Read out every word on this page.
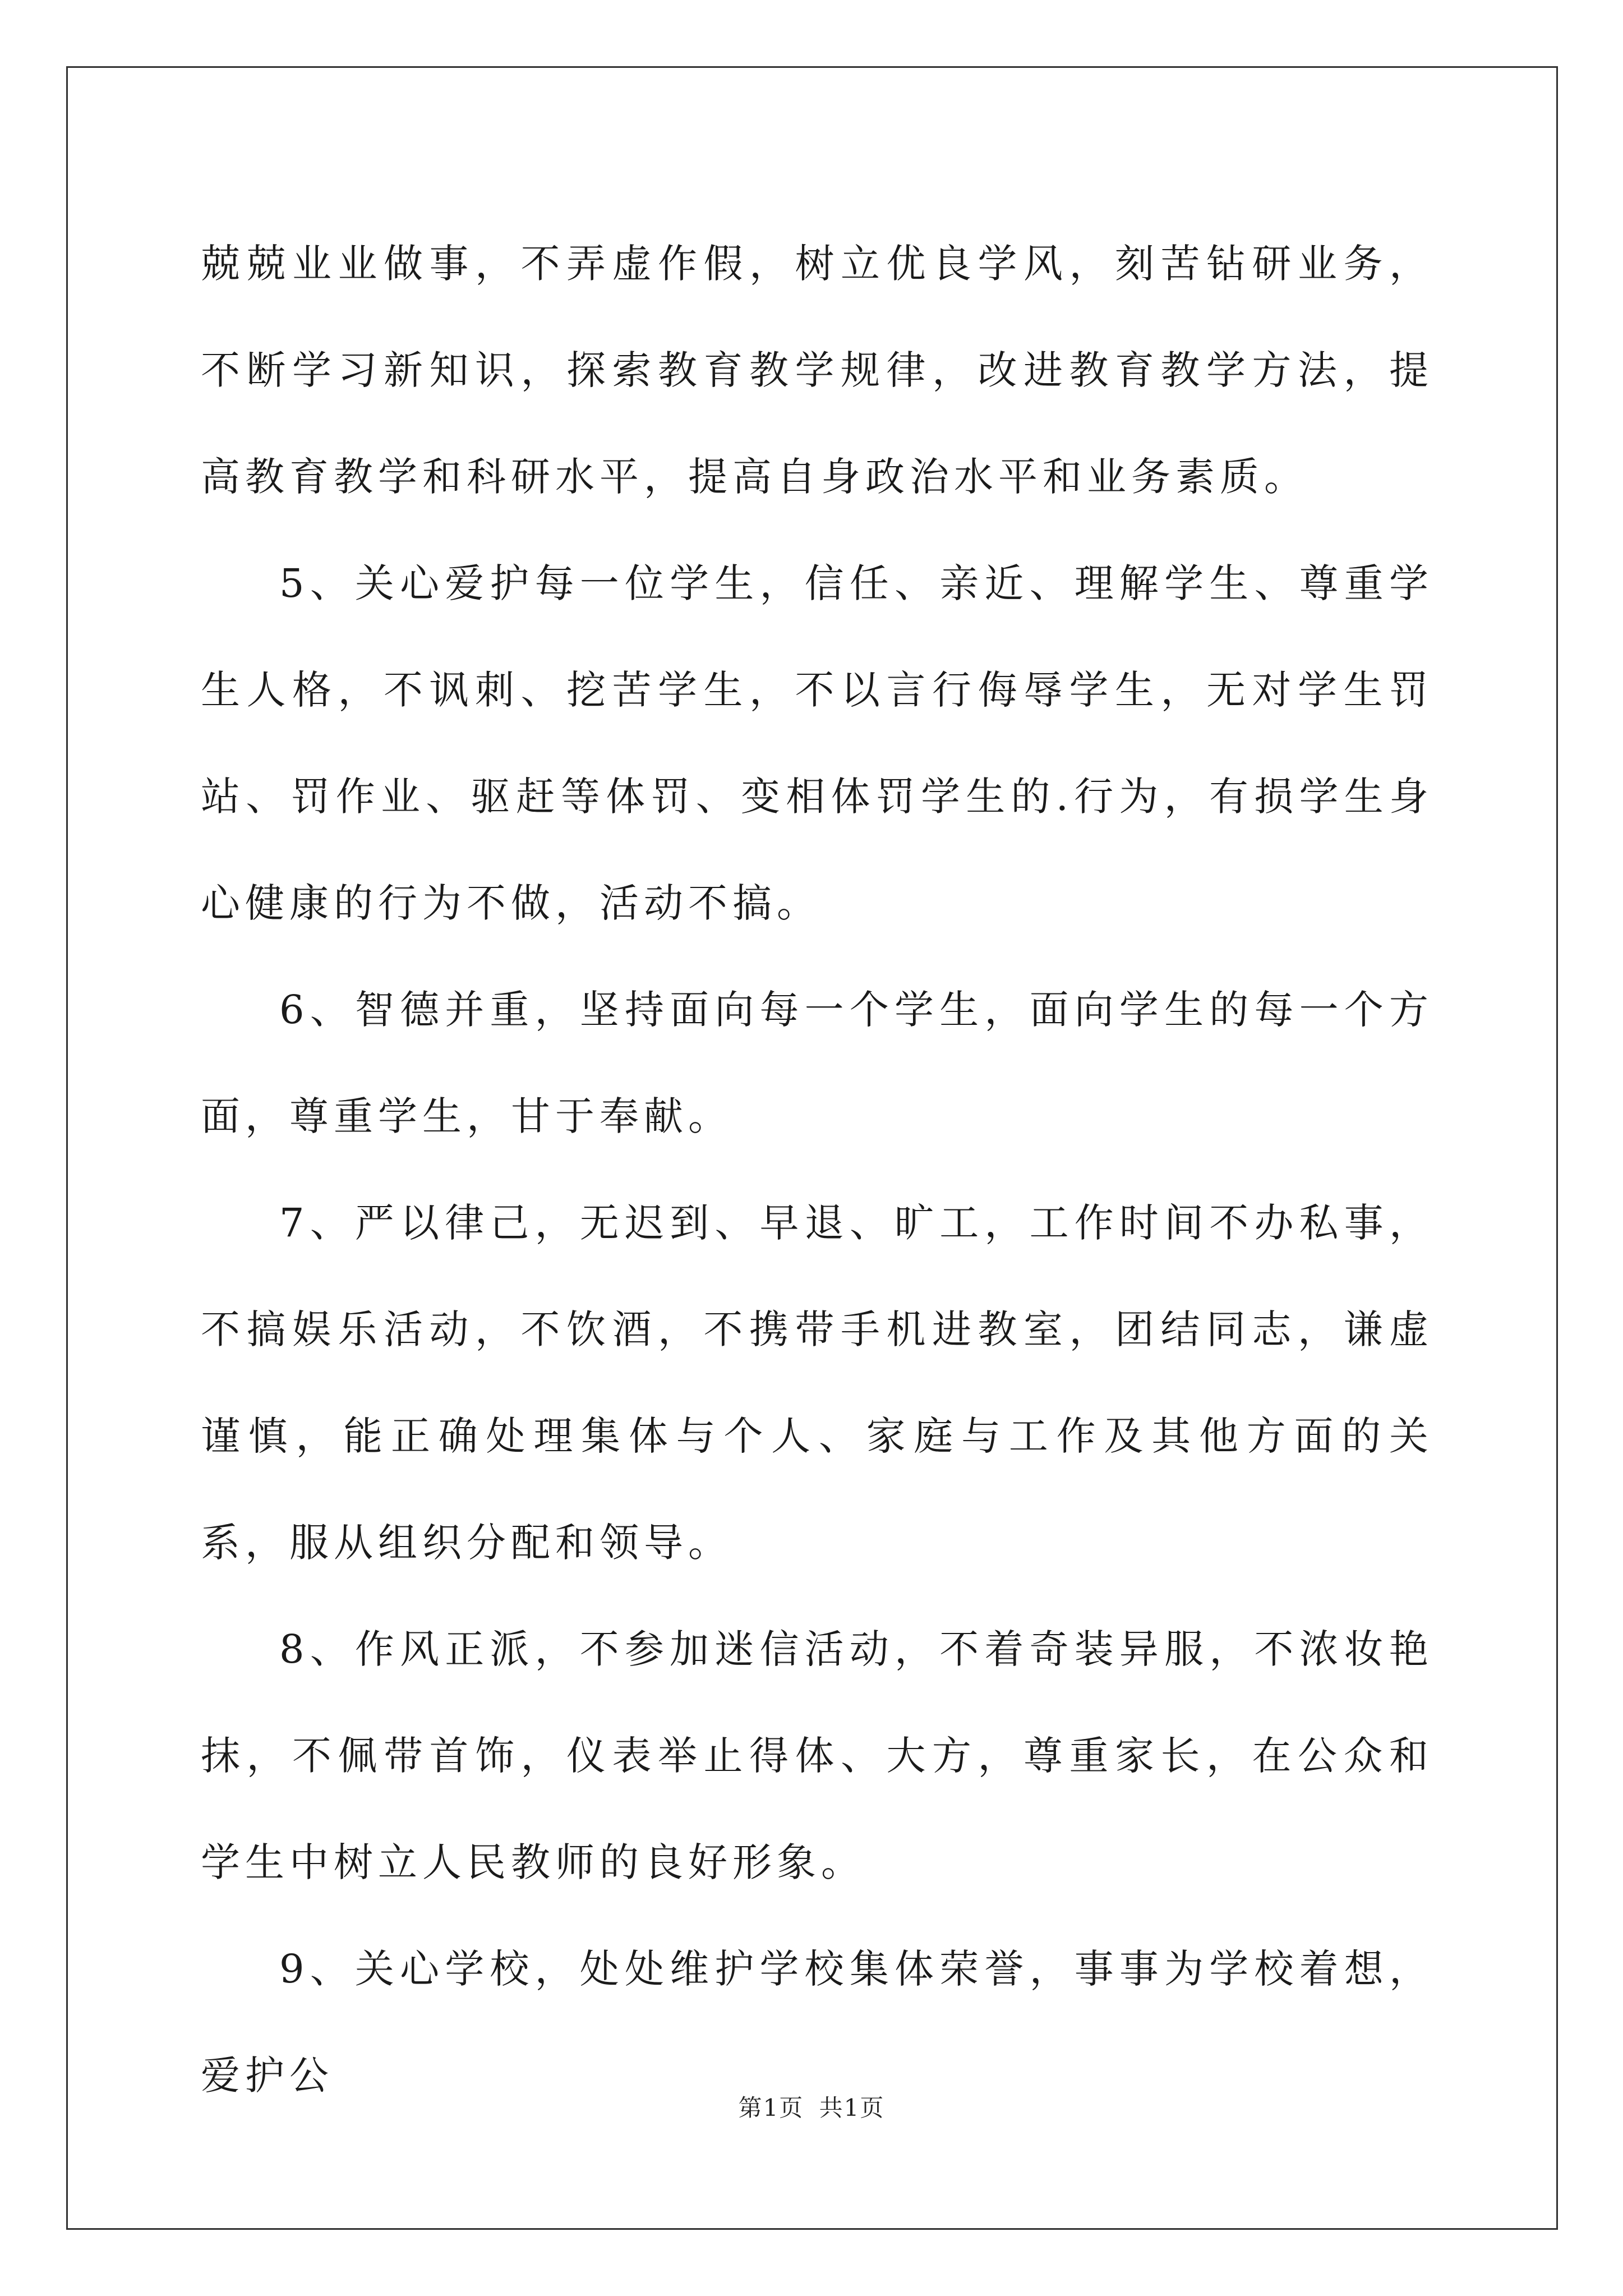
兢兢业业做事，不弄虚作假，树立优良学风，刻苦钻研业务，不断学习新知识，探索教育教学规律，改进教育教学方法，提高教育教学和科研水平，提高自身政治水平和业务素质。

5、关心爱护每一位学生，信任、亲近、理解学生、尊重学生人格，不讽刺、挖苦学生，不以言行侮辱学生，无对学生罚站、罚作业、驱赶等体罚、变相体罚学生的.行为，有损学生身心健康的行为不做，活动不搞。

6、智德并重，坚持面向每一个学生，面向学生的每一个方面，尊重学生，甘于奉献。

7、严以律己，无迟到、早退、旷工，工作时间不办私事，不搞娱乐活动，不饮酒，不携带手机进教室，团结同志，谦虚谨慎，能正确处理集体与个人、家庭与工作及其他方面的关系，服从组织分配和领导。

8、作风正派，不参加迷信活动，不着奇装异服，不浓妆艳抹，不佩带首饰，仪表举止得体、大方，尊重家长，在公众和学生中树立人民教师的良好形象。

9、关心学校，处处维护学校集体荣誉，事事为学校着想，爱护公

第1页 共1页
